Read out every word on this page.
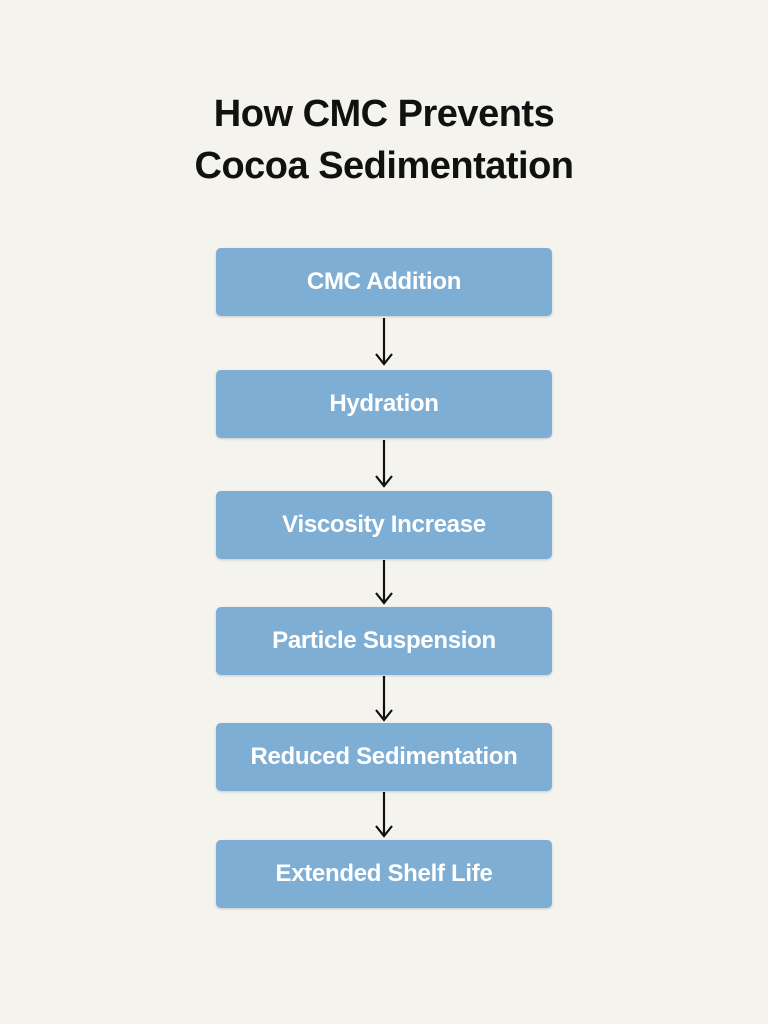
How CMC Prevents
Cocoa Sedimentation
CMC Addition
Hydration
Viscosity Increase
Particle Suspension
Reduced Sedimentation
Extended Shelf Life
